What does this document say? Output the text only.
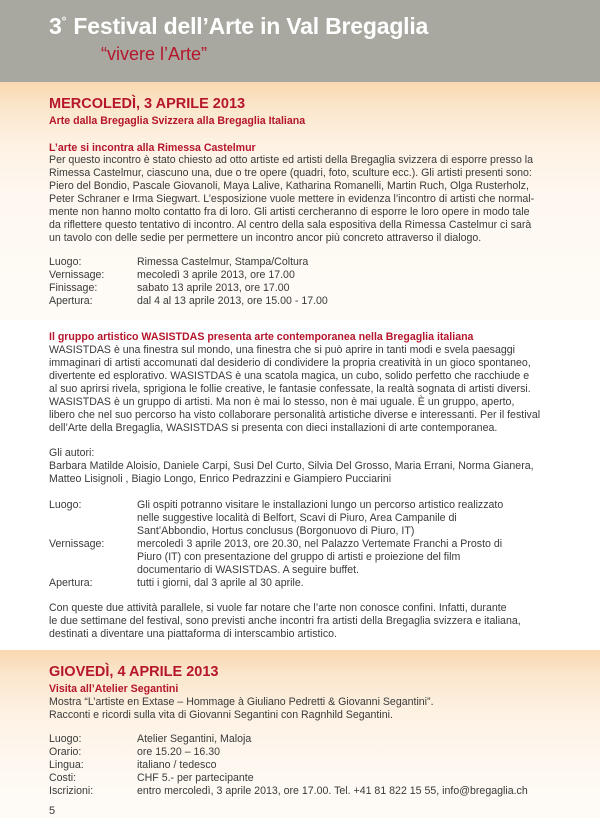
3° Festival dell’Arte in Val Bregaglia
“vivere l’Arte”
MERCOLEDÌ, 3 APRILE 2013
Arte dalla Bregaglia Svizzera alla Bregaglia Italiana
L’arte si incontra alla Rimessa Castelmur
Per questo incontro è stato chiesto ad otto artiste ed artisti della Bregaglia svizzera di esporre presso la
Rimessa Castelmur, ciascuno una, due o tre opere (quadri, foto, sculture ecc.). Gli artisti presenti sono:
Piero del Bondio, Pascale Giovanoli, Maya Lalive, Katharina Romanelli, Martin Ruch, Olga Rusterholz,
Peter Schraner e Irma Siegwart. L’esposizione vuole mettere in evidenza l’incontro di artisti che normal-
mente non hanno molto contatto fra di loro. Gli artisti cercheranno di esporre le loro opere in modo tale
da riflettere questo tentativo di incontro. Al centro della sala espositiva della Rimessa Castelmur ci sarà
un tavolo con delle sedie per permettere un incontro ancor più concreto attraverso il dialogo.
Luogo:	Rimessa Castelmur, Stampa/Coltura
Vernissage:	mecoledì 3 aprile 2013, ore 17.00
Finissage:	sabato 13 aprile 2013, ore 17.00
Apertura:	dal 4 al 13 aprile 2013, ore 15.00 - 17.00
Il gruppo artistico WASISTDAS presenta arte contemporanea nella Bregaglia italiana
WASISTDAS è una finestra sul mondo, una finestra che si può aprire in tanti modi e svela paesaggi
immaginari di artisti accomunati dal desiderio di condividere la propria creatività in un gioco spontaneo,
divertente ed esplorativo. WASISTDAS è una scatola magica, un cubo, solido perfetto che racchiude e
al suo aprirsi rivela, sprigiona le follie creative, le fantasie confessate, la realtà sognata di artisti diversi.
WASISTDAS è un gruppo di artisti. Ma non è mai lo stesso, non è mai uguale. È un gruppo, aperto,
libero che nel suo percorso ha visto collaborare personalità artistiche diverse e interessanti. Per il festival
dell’Arte della Bregaglia, WASISTDAS si presenta con dieci installazioni di arte contemporanea.
Gli autori:
Barbara Matilde Aloisio, Daniele Carpi, Susi Del Curto, Silvia Del Grosso, Maria Errani, Norma Gianera,
Matteo Lisignoli , Biagio Longo, Enrico Pedrazzini e Giampiero Pucciarini
Luogo:	Gli ospiti potranno visitare le installazioni lungo un percorso artistico realizzato
nelle suggestive località di Belfort, Scavi di Piuro, Area Campanile di
Sant’Abbondio, Hortus conclusus (Borgonuovo di Piuro, IT)
Vernissage:	mercoledì 3 aprile 2013, ore 20.30, nel Palazzo Vertemate Franchi a Prosto di
Piuro (IT) con presentazione del gruppo di artisti e proiezione del film
documentario di WASISTDAS. A seguire buffet.
Apertura:	tutti i giorni, dal 3 aprile al 30 aprile.
Con queste due attività parallele, si vuole far notare che l’arte non conosce confini. Infatti, durante
le due settimane del festival, sono previsti anche incontri fra artisti della Bregaglia svizzera e italiana,
destinati a diventare una piattaforma di interscambio artistico.
GIOVEDÌ, 4 APRILE 2013
Visita all’Atelier Segantini
Mostra “L’artiste en Extase – Hommage à Giuliano Pedretti & Giovanni Segantini”.
Racconti e ricordi sulla vita di Giovanni Segantini con Ragnhild Segantini.
Luogo:	Atelier Segantini, Maloja
Orario:	ore 15.20 – 16.30
Lingua:	italiano / tedesco
Costi:	CHF 5.- per partecipante
Iscrizioni:	entro mercoledì, 3 aprile 2013, ore 17.00. Tel. +41 81 822 15 55, info@bregaglia.ch
5
